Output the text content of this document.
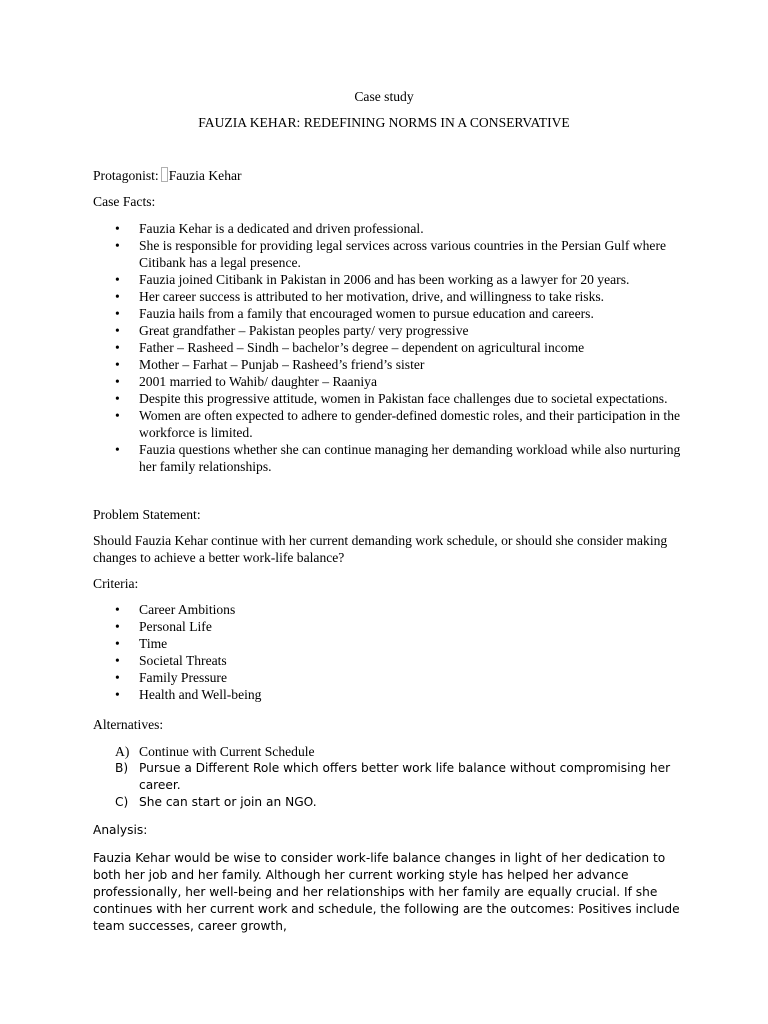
Case study
FAUZIA KEHAR: REDEFINING NORMS IN A CONSERVATIVE
Protagonist: Fauzia Kehar
Case Facts:
• Fauzia Kehar is a dedicated and driven professional.
• She is responsible for providing legal services across various countries in the Persian Gulf where Citibank has a legal presence.
• Fauzia joined Citibank in Pakistan in 2006 and has been working as a lawyer for 20 years.
• Her career success is attributed to her motivation, drive, and willingness to take risks.
• Fauzia hails from a family that encouraged women to pursue education and careers.
• Great grandfather – Pakistan peoples party/ very progressive
• Father – Rasheed – Sindh – bachelor’s degree – dependent on agricultural income
• Mother – Farhat – Punjab – Rasheed’s friend’s sister
• 2001 married to Wahib/ daughter – Raaniya
• Despite this progressive attitude, women in Pakistan face challenges due to societal expectations.
• Women are often expected to adhere to gender-defined domestic roles, and their participation in the workforce is limited.
• Fauzia questions whether she can continue managing her demanding workload while also nurturing her family relationships.
Problem Statement:
Should Fauzia Kehar continue with her current demanding work schedule, or should she consider making changes to achieve a better work-life balance?
Criteria:
• Career Ambitions
• Personal Life
• Time
• Societal Threats
• Family Pressure
• Health and Well-being
Alternatives:
A) Continue with Current Schedule
B) Pursue a Different Role which offers better work life balance without compromising her career.
C) She can start or join an NGO.
Analysis:
Fauzia Kehar would be wise to consider work-life balance changes in light of her dedication to both her job and her family. Although her current working style has helped her advance professionally, her well-being and her relationships with her family are equally crucial. If she continues with her current work and schedule, the following are the outcomes: Positives include team successes, career growth,
